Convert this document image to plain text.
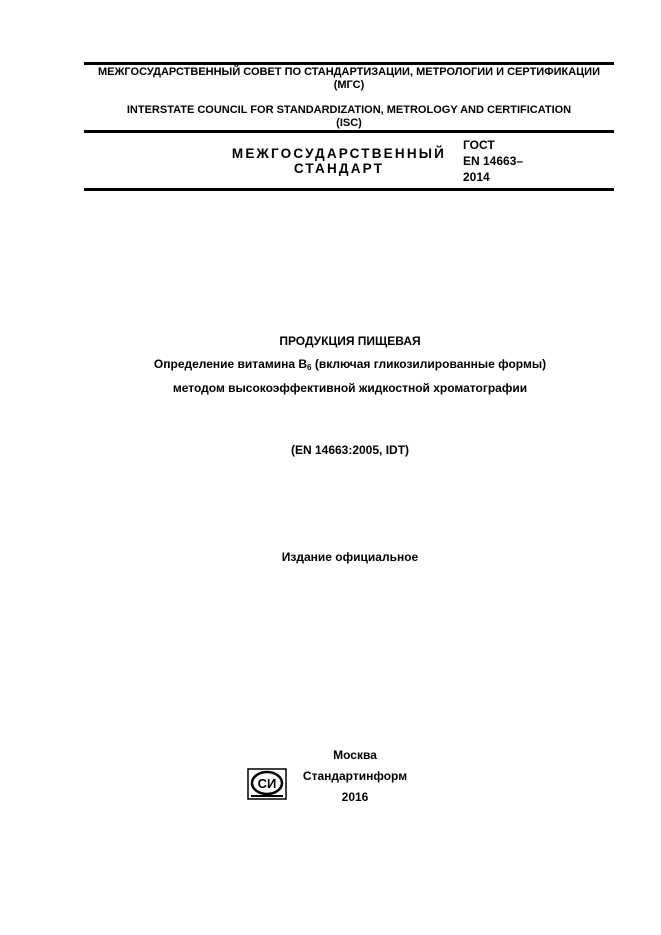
МЕЖГОСУДАРСТВЕННЫЙ СОВЕТ ПО СТАНДАРТИЗАЦИИ, МЕТРОЛОГИИ И СЕРТИФИКАЦИИ
(МГС)
INTERSTATE COUNCIL FOR STANDARDIZATION, METROLOGY AND CERTIFICATION
(ISC)
МЕЖГОСУДАРСТВЕННЫЙ
СТАНДАРТ
ГОСТ
EN 14663–
2014
ПРОДУКЦИЯ ПИЩЕВАЯ
Определение витамина $B_6$ (включая гликозилированные формы)
методом высокоэффективной жидкостной хроматографии
(EN 14663:2005, IDT)
Издание официальное
СИ
Москва
Стандартинформ
2016
